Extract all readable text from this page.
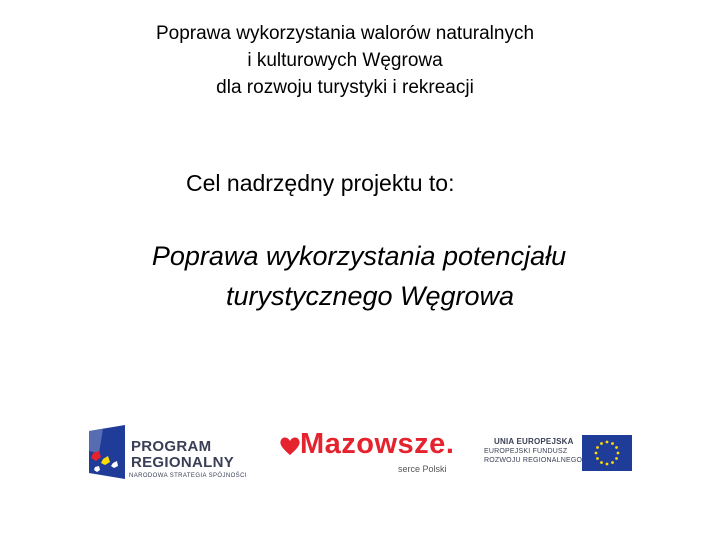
Poprawa wykorzystania walorów naturalnych
i kulturowych Węgrowa
dla rozwoju turystyki i rekreacji
Cel nadrzędny projektu to:
Poprawa wykorzystania potencjału
turystycznego Węgrowa
PROGRAM
REGIONALNY
NARODOWA STRATEGIA SPÓJNOŚCI
Mazowsze.
serce Polski
UNIA EUROPEJSKA
EUROPEJSKI FUNDUSZ
ROZWOJU REGIONALNEGO
